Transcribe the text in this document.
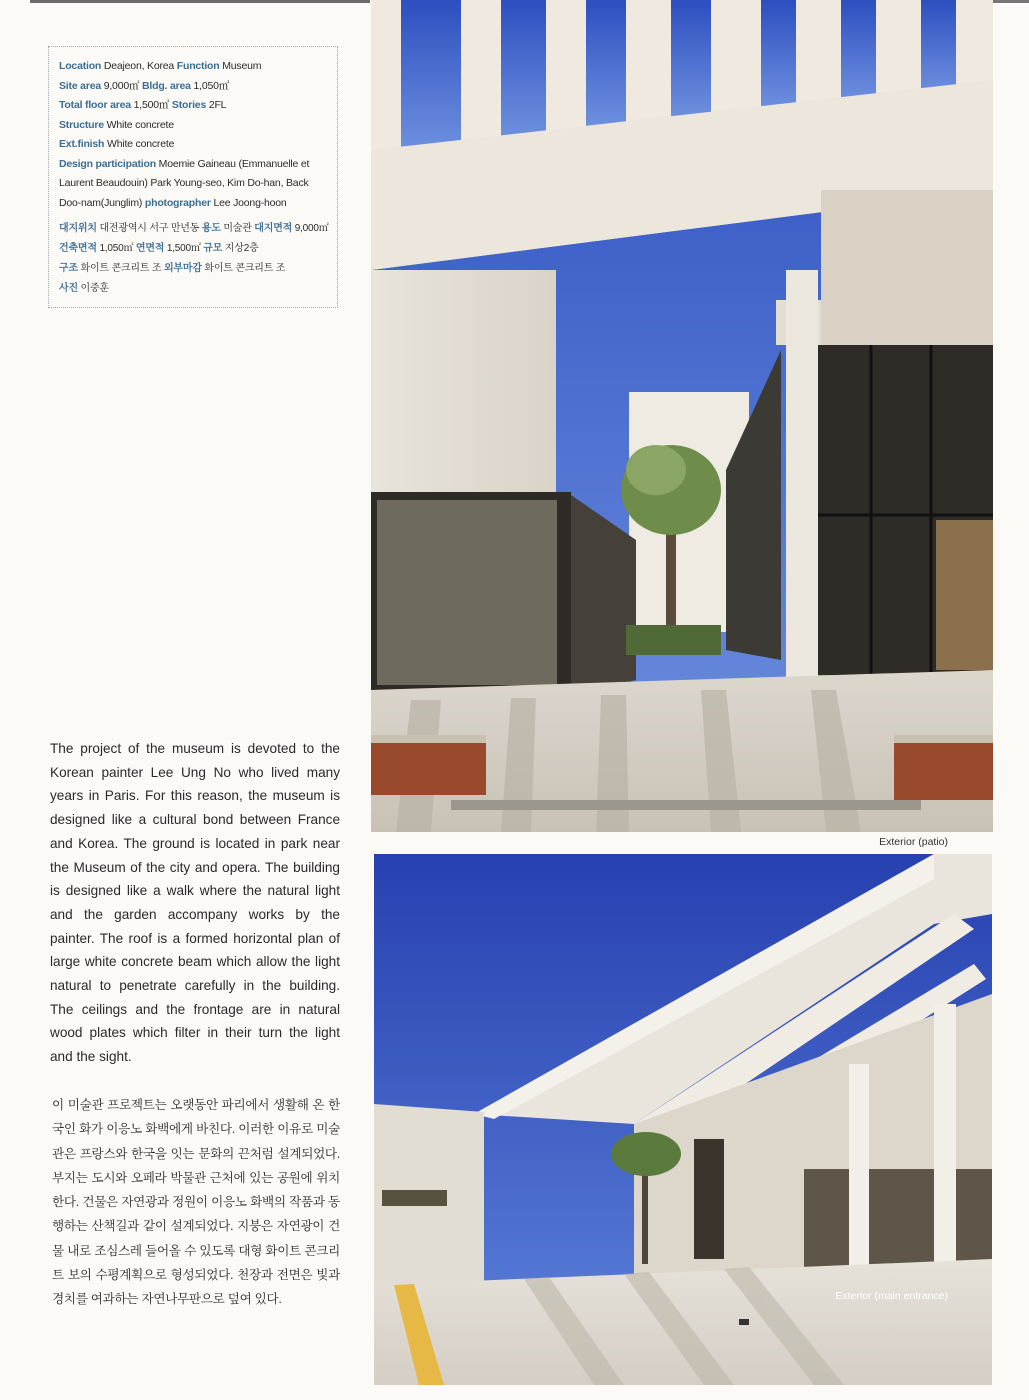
Location Deajeon, Korea Function Museum
Site area 9,000㎡ Bldg. area 1,050㎡
Total floor area 1,500㎡ Stories 2FL
Structure White concrete
Ext.finish White concrete
Design participation Moemie Gaineau (Emmanuelle et Laurent Beaudouin) Park Young-seo, Kim Do-han, Back Doo-nam(Junglim) photographer Lee Joong-hoon
대지위치 대전광역시 서구 만년동 용도 미술관 대지면적 9,000㎡
건축면적 1,050㎡ 연면적 1,500㎡ 규모 지상2층
구조 화이트 콘크리트 조 외부마감 화이트 콘크리트 조
사진 이중훈
The project of the museum is devoted to the Korean painter Lee Ung No who lived many years in Paris. For this reason, the museum is designed like a cultural bond between France and Korea. The ground is located in park near the Museum of the city and opera. The building is designed like a walk where the natural light and the garden accompany works by the painter. The roof is a formed horizontal plan of large white concrete beam which allow the light natural to penetrate carefully in the building. The ceilings and the frontage are in natural wood plates which filter in their turn the light and the sight.
이 미술관 프로젝트는 오랫동안 파리에서 생활해 온 한국인 화가 이응노 화백에게 바친다. 이러한 이유로 미술관은 프랑스와 한국을 잇는 문화의 끈처럼 설계되었다. 부지는 도시와 오페라 박물관 근처에 있는 공원에 위치한다. 건물은 자연광과 정원이 이응노 화백의 작품과 동행하는 산책길과 같이 설계되었다. 지붕은 자연광이 건물 내로 조심스레 들어올 수 있도록 대형 화이트 콘크리트 보의 수평계획으로 형성되었다. 천장과 전면은 빛과 경치를 여과하는 자연나무판으로 덮여 있다.
Exterior (patio)
Exterior (main entrance)
